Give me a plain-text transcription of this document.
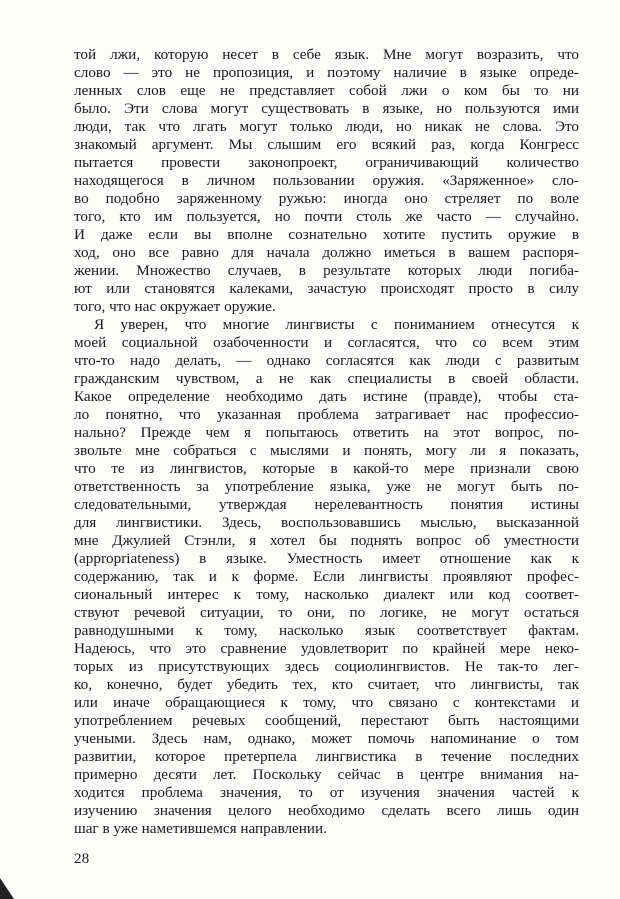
той лжи, которую несет в себе язык. Мне могут возразить, что
слово — это не пропозиция, и поэтому наличие в языке опреде-
ленных слов еще не представляет собой лжи о ком бы то ни
было. Эти слова могут существовать в языке, но пользуются ими
люди, так что лгать могут только люди, но никак не слова. Это
знакомый аргумент. Мы слышим его всякий раз, когда Конгресс
пытается провести законопроект, ограничивающий количество
находящегося в личном пользовании оружия. «Заряженное» сло-
во подобно заряженному ружью: иногда оно стреляет по воле
того, кто им пользуется, но почти столь же часто — случайно.
И даже если вы вполне сознательно хотите пустить оружие в
ход, оно все равно для начала должно иметься в вашем распоря-
жении. Множество случаев, в результате которых люди погиба-
ют или становятся калеками, зачастую происходят просто в силу
того, что нас окружает оружие.
Я уверен, что многие лингвисты с пониманием отнесутся к
моей социальной озабоченности и согласятся, что со всем этим
что-то надо делать, — однако согласятся как люди с развитым
гражданским чувством, а не как специалисты в своей области.
Какое определение необходимо дать истине (правде), чтобы ста-
ло понятно, что указанная проблема затрагивает нас профессио-
нально? Прежде чем я попытаюсь ответить на этот вопрос, по-
звольте мне собраться с мыслями и понять, могу ли я показать,
что те из лингвистов, которые в какой-то мере признали свою
ответственность за употребление языка, уже не могут быть по-
следовательными, утверждая нерелевантность понятия истины
для лингвистики. Здесь, воспользовавшись мыслью, высказанной
мне Джулией Стэнли, я хотел бы поднять вопрос об уместности
(appropriateness) в языке. Уместность имеет отношение как к
содержанию, так и к форме. Если лингвисты проявляют профес-
сиональный интерес к тому, насколько диалект или код соответ-
ствуют речевой ситуации, то они, по логике, не могут остаться
равнодушными к тому, насколько язык соответствует фактам.
Надеюсь, что это сравнение удовлетворит по крайней мере неко-
торых из присутствующих здесь социолингвистов. Не так-то лег-
ко, конечно, будет убедить тех, кто считает, что лингвисты, так
или иначе обращающиеся к тому, что связано с контекстами и
употреблением речевых сообщений, перестают быть настоящими
учеными. Здесь нам, однако, может помочь напоминание о том
развитии, которое претерпела лингвистика в течение последних
примерно десяти лет. Поскольку сейчас в центре внимания на-
ходится проблема значения, то от изучения значения частей к
изучению значения целого необходимо сделать всего лишь один
шаг в уже наметившемся направлении.
28
